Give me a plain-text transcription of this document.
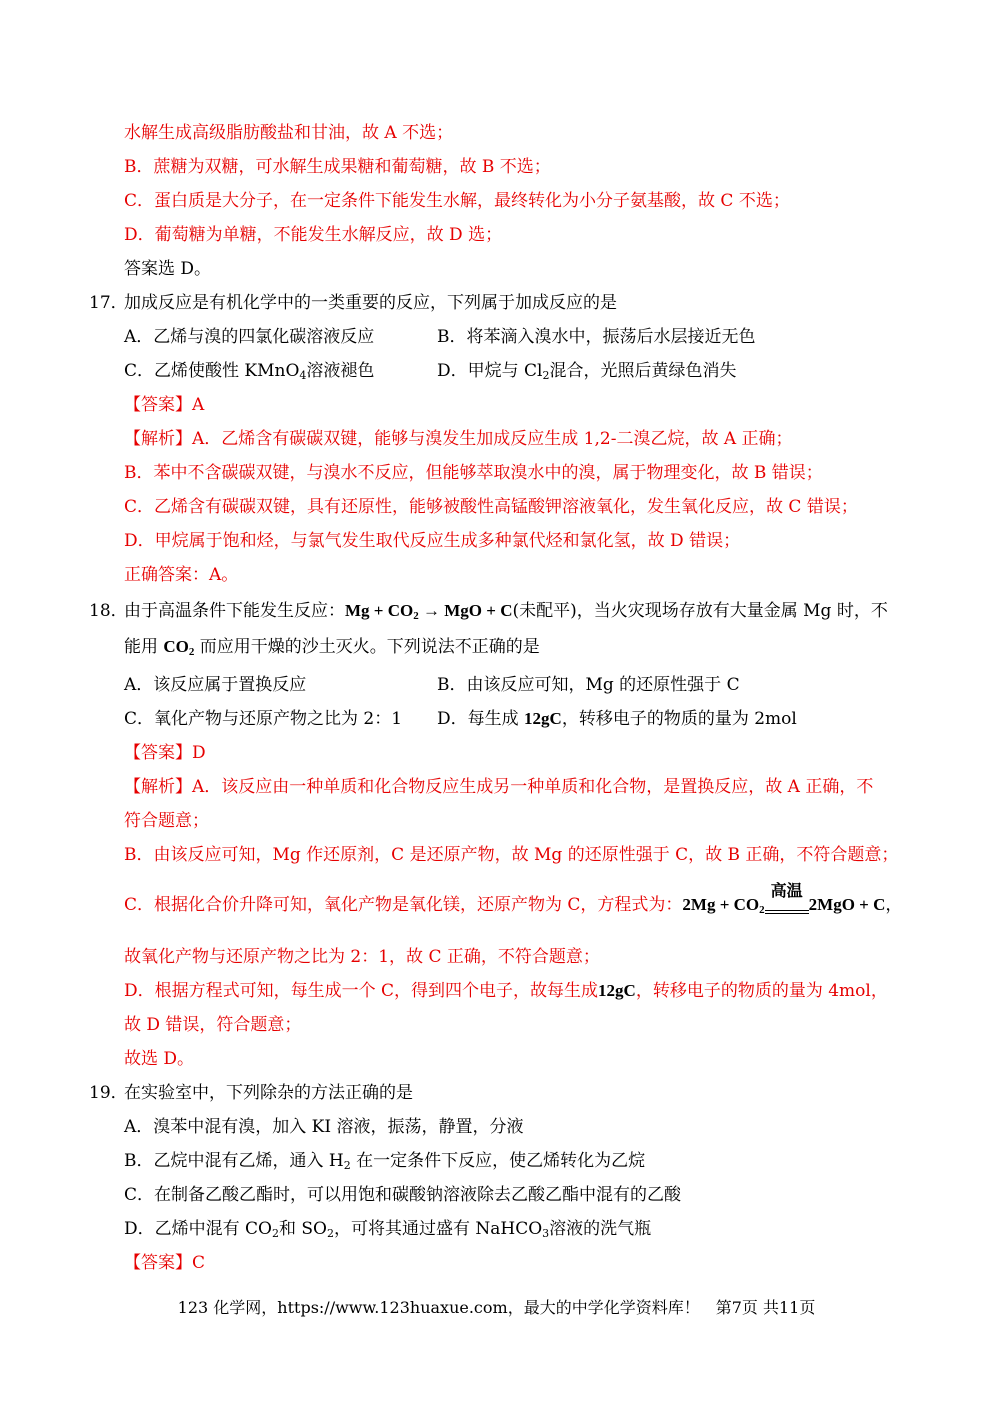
水解生成高级脂肪酸盐和甘油，故 A 不选；
B．蔗糖为双糖，可水解生成果糖和葡萄糖，故 B 不选；
C．蛋白质是大分子，在一定条件下能发生水解，最终转化为小分子氨基酸，故 C 不选；
D．葡萄糖为单糖，不能发生水解反应，故 D 选；
答案选 D。
17．
加成反应是有机化学中的一类重要的反应，下列属于加成反应的是
A．乙烯与溴的四氯化碳溶液反应	B．将苯滴入溴水中，振荡后水层接近无色
C．乙烯使酸性 KMnO$_4$溶液褪色	D．甲烷与 $Cl_2$混合，光照后黄绿色消失
【答案】A
【解析】A．乙烯含有碳碳双键，能够与溴发生加成反应生成 1,2-二溴乙烷，故 A 正确；
B．苯中不含碳碳双键，与溴水不反应，但能够萃取溴水中的溴，属于物理变化，故 B 错误；
C．乙烯含有碳碳双键，具有还原性，能够被酸性高锰酸钾溶液氧化，发生氧化反应，故 C 错误；
D．甲烷属于饱和烃，与氯气发生取代反应生成多种氯代烃和氯化氢，故 D 错误；
正确答案：A。
18．
由于高温条件下能发生反应：$Mg + CO_2$ → MgO + C(未配平)，当火灾现场存放有大量金属 Mg 时，不
能用 $CO_2$ 而应用干燥的沙土灭火。下列说法不正确的是
A．该反应属于置换反应	B．由该反应可知，Mg 的还原性强于 C
C．氧化产物与还原产物之比为 2：1 D．每生成 12gC，转移电子的物质的量为 2mol
【答案】D
【解析】A．该反应由一种单质和化合物反应生成另一种单质和化合物，是置换反应，故 A 正确，不
符合题意；
B．由该反应可知，Mg 作还原剂，C 是还原产物，故 Mg 的还原性强于 C，故 B 正确，不符合题意；
C．根据化合价升降可知，氧化产物是氧化镁，还原产物为 C，方程式为：$2Mg + CO_2$
高温
2MgO + C，
故氧化产物与还原产物之比为 2：1，故 C 正确，不符合题意；
D．根据方程式可知，每生成一个 C，得到四个电子，故每生成12gC，转移电子的物质的量为 4mol，
故 D 错误，符合题意；
故选 D。
19．
在实验室中，下列除杂的方法正确的是
A．溴苯中混有溴，加入 KI 溶液，振荡，静置，分液
B．乙烷中混有乙烯，通入 $H_2$ 在一定条件下反应，使乙烯转化为乙烷
C．在制备乙酸乙酯时，可以用饱和碳酸钠溶液除去乙酸乙酯中混有的乙酸
D．乙烯中混有 $CO_2$和 $SO_2$，可将其通过盛有 NaHCO$_3$溶液的洗气瓶
【答案】C
123 化学网，https://www.123huaxue.com，最大的中学化学资料库！　第7页 共11页
